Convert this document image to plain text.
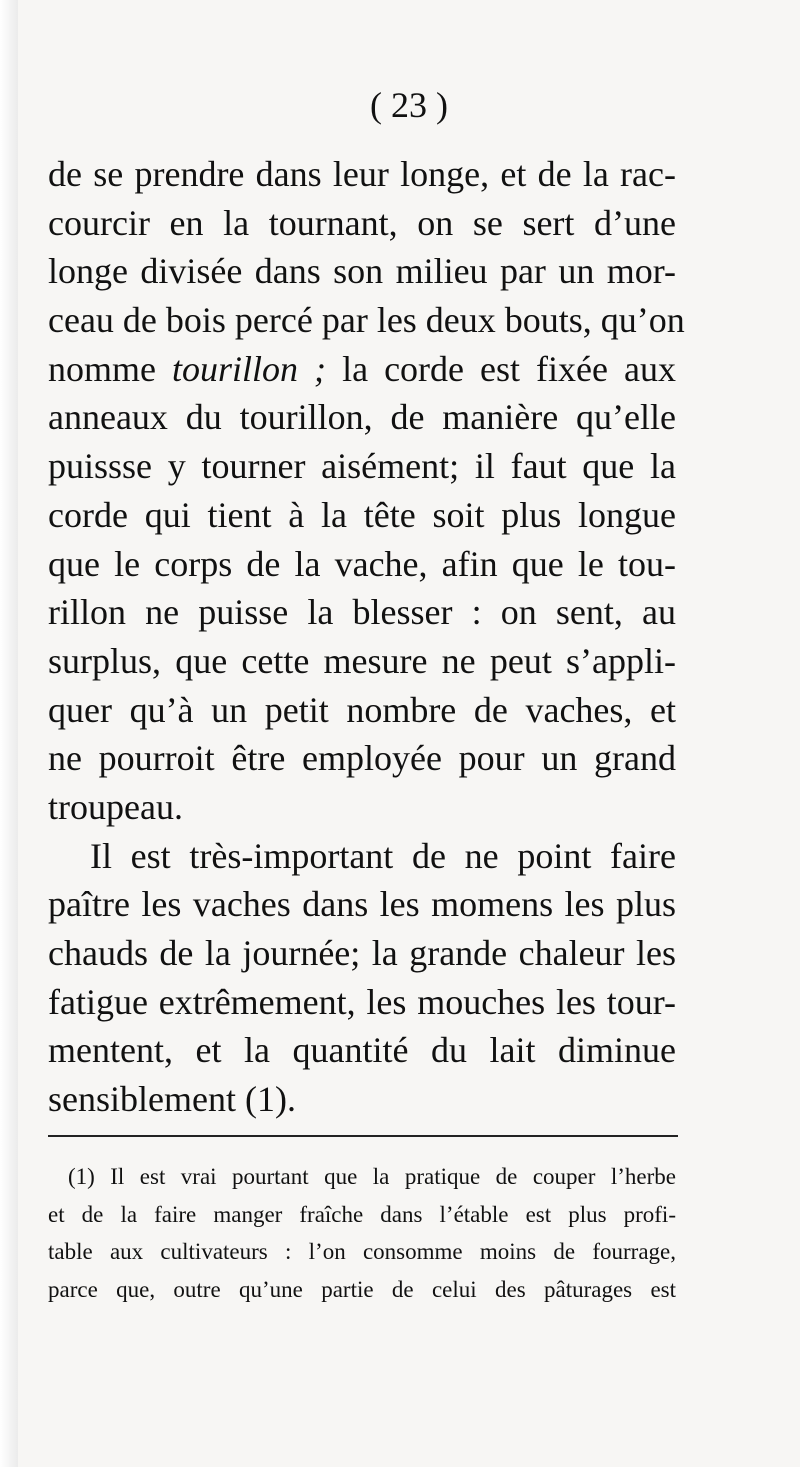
( 23 )
de se prendre dans leur longe, et de la rac-
courcir en la tournant, on se sert d’une
longe divisée dans son milieu par un mor-
ceau de bois percé par les deux bouts, qu’on
nomme tourillon ; la corde est fixée aux
anneaux du tourillon, de manière qu’elle
puissse y tourner aisément; il faut que la
corde qui tient à la tête soit plus longue
que le corps de la vache, afin que le tou-
rillon ne puisse la blesser : on sent, au
surplus, que cette mesure ne peut s’appli-
quer qu’à un petit nombre de vaches, et
ne pourroit être employée pour un grand
troupeau.
Il est très-important de ne point faire
paître les vaches dans les momens les plus
chauds de la journée; la grande chaleur les
fatigue extrêmement, les mouches les tour-
mentent, et la quantité du lait diminue
sensiblement (1).
(1) Il est vrai pourtant que la pratique de couper l’herbe
et de la faire manger fraîche dans l’étable est plus profi-
table aux cultivateurs : l’on consomme moins de fourrage,
parce que, outre qu’une partie de celui des pâturages est
